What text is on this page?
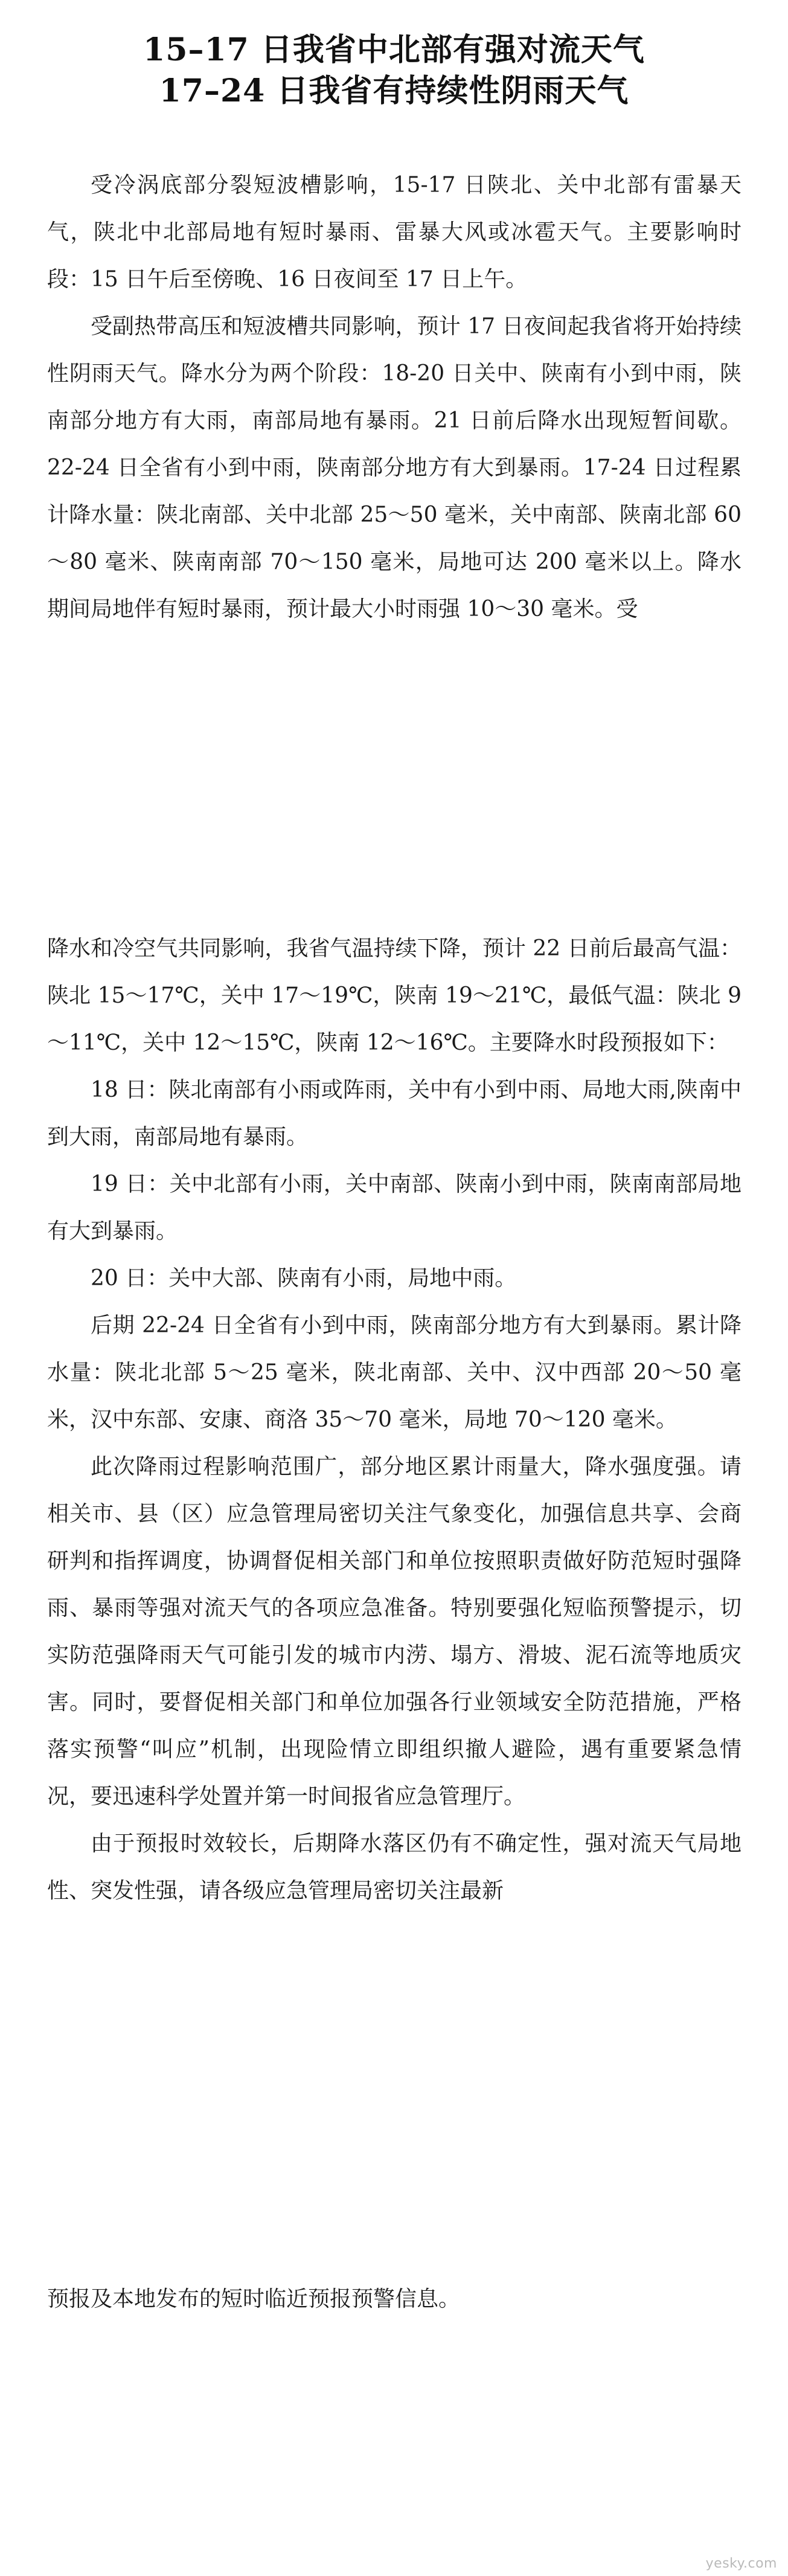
15–17 日我省中北部有强对流天气
17–24 日我省有持续性阴雨天气

受冷涡底部分裂短波槽影响，15-17 日陕北、关中北部有雷暴天气，陕北中北部局地有短时暴雨、雷暴大风或冰雹天气。主要影响时段：15 日午后至傍晚、16 日夜间至 17 日上午。

受副热带高压和短波槽共同影响，预计 17 日夜间起我省将开始持续性阴雨天气。降水分为两个阶段：18-20 日关中、陕南有小到中雨，陕南部分地方有大雨，南部局地有暴雨。21 日前后降水出现短暂间歇。22-24 日全省有小到中雨，陕南部分地方有大到暴雨。17-24 日过程累计降水量：陕北南部、关中北部 25～50 毫米，关中南部、陕南北部 60～80 毫米、陕南南部 70～150 毫米，局地可达 200 毫米以上。降水期间局地伴有短时暴雨，预计最大小时雨强 10～30 毫米。受

降水和冷空气共同影响，我省气温持续下降，预计 22 日前后最高气温：陕北 15～17℃，关中 17～19℃，陕南 19～21℃，最低气温：陕北 9～11℃，关中 12～15℃，陕南 12～16℃。主要降水时段预报如下：

18 日：陕北南部有小雨或阵雨，关中有小到中雨、局地大雨,陕南中到大雨，南部局地有暴雨。

19 日：关中北部有小雨，关中南部、陕南小到中雨，陕南南部局地有大到暴雨。

20 日：关中大部、陕南有小雨，局地中雨。

后期 22-24 日全省有小到中雨，陕南部分地方有大到暴雨。累计降水量：陕北北部 5～25 毫米，陕北南部、关中、汉中西部 20～50 毫米，汉中东部、安康、商洛 35～70 毫米，局地 70～120 毫米。

此次降雨过程影响范围广，部分地区累计雨量大，降水强度强。请相关市、县（区）应急管理局密切关注气象变化，加强信息共享、会商研判和指挥调度，协调督促相关部门和单位按照职责做好防范短时强降雨、暴雨等强对流天气的各项应急准备。特别要强化短临预警提示，切实防范强降雨天气可能引发的城市内涝、塌方、滑坡、泥石流等地质灾害。同时，要督促相关部门和单位加强各行业领域安全防范措施，严格落实预警“叫应”机制，出现险情立即组织撤人避险，遇有重要紧急情况，要迅速科学处置并第一时间报省应急管理厅。

由于预报时效较长，后期降水落区仍有不确定性，强对流天气局地性、突发性强，请各级应急管理局密切关注最新

预报及本地发布的短时临近预报预警信息。

yesky.com
